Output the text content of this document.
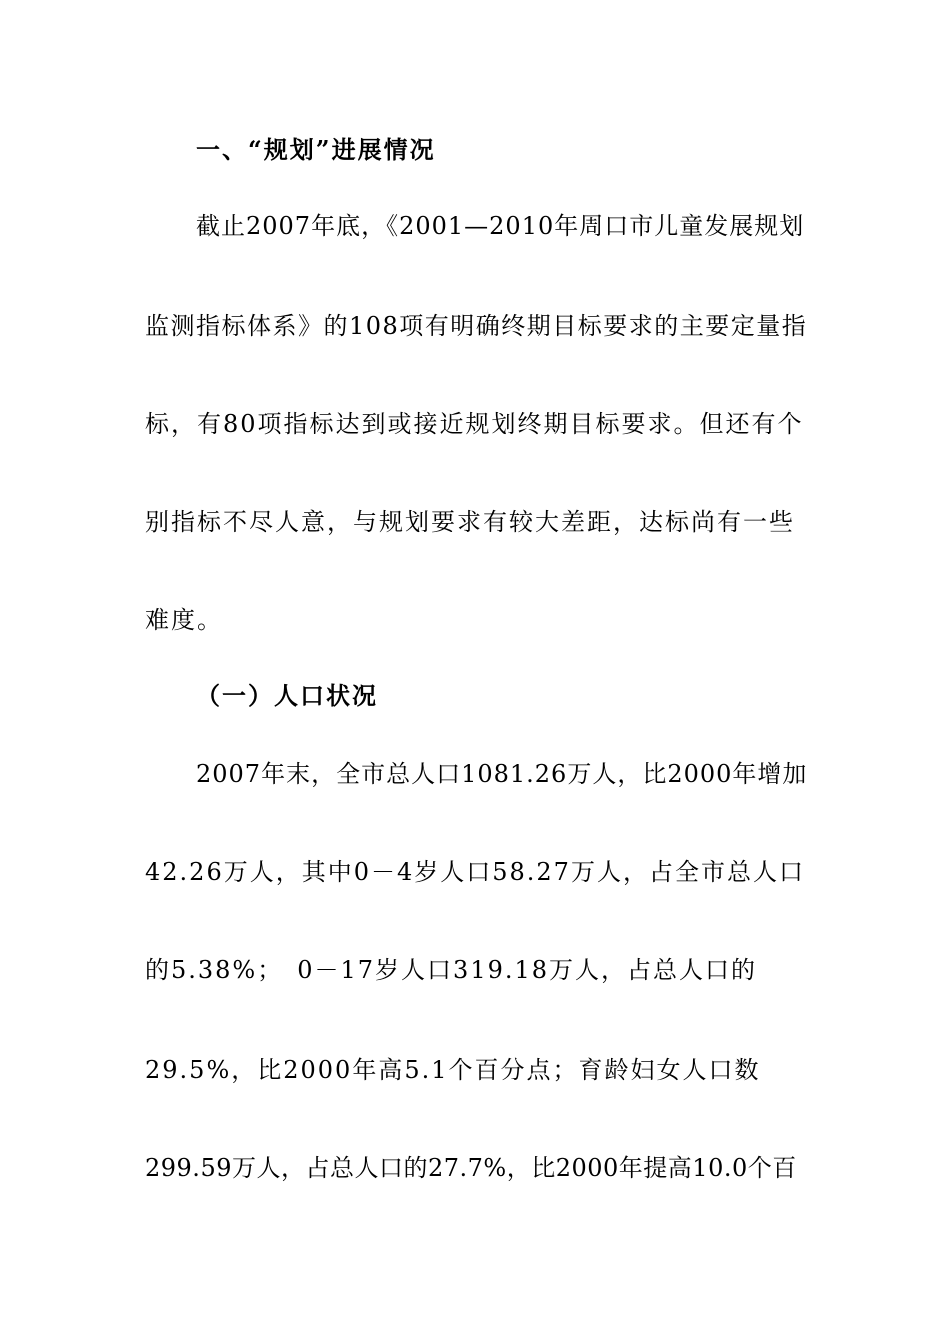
一、“规划”进展情况
截止2007年底，《2001—2010年周口市儿童发展规划
监测指标体系》的108项有明确终期目标要求的主要定量指
标，有80项指标达到或接近规划终期目标要求。但还有个
别指标不尽人意，与规划要求有较大差距，达标尚有一些
难度。
（一）人口状况
2007年末，全市总人口1081.26万人，比2000年增加
42.26万人，其中0－4岁人口58.27万人，占全市总人口
的5.38%；　0－17岁人口319.18万人，占总人口的
29.5%，比2000年高5.1个百分点；育龄妇女人口数
299.59万人，占总人口的27.7%，比2000年提高10.0个百
